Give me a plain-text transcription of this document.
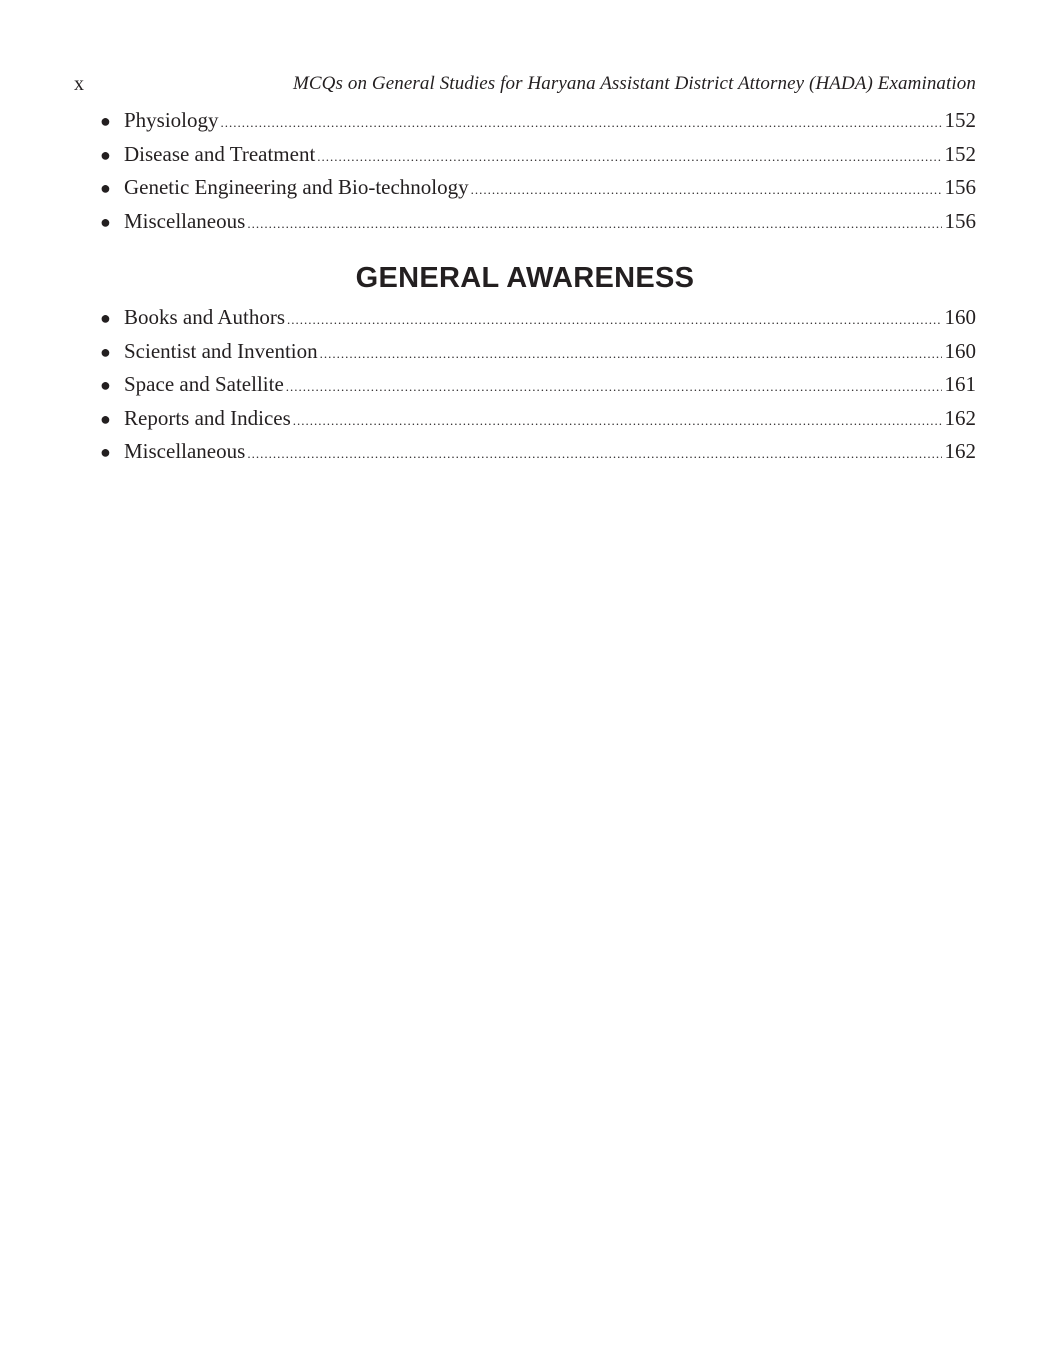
x	MCQs on General Studies for Haryana Assistant District Attorney (HADA) Examination
● Physiology .....	152
● Disease and Treatment .....	152
● Genetic Engineering and Bio-technology .....	156
● Miscellaneous .....	156
GENERAL AWARENESS
● Books and Authors .....	160
● Scientist and Invention .....	160
● Space and Satellite .....	161
● Reports and Indices .....	162
● Miscellaneous .....	162
